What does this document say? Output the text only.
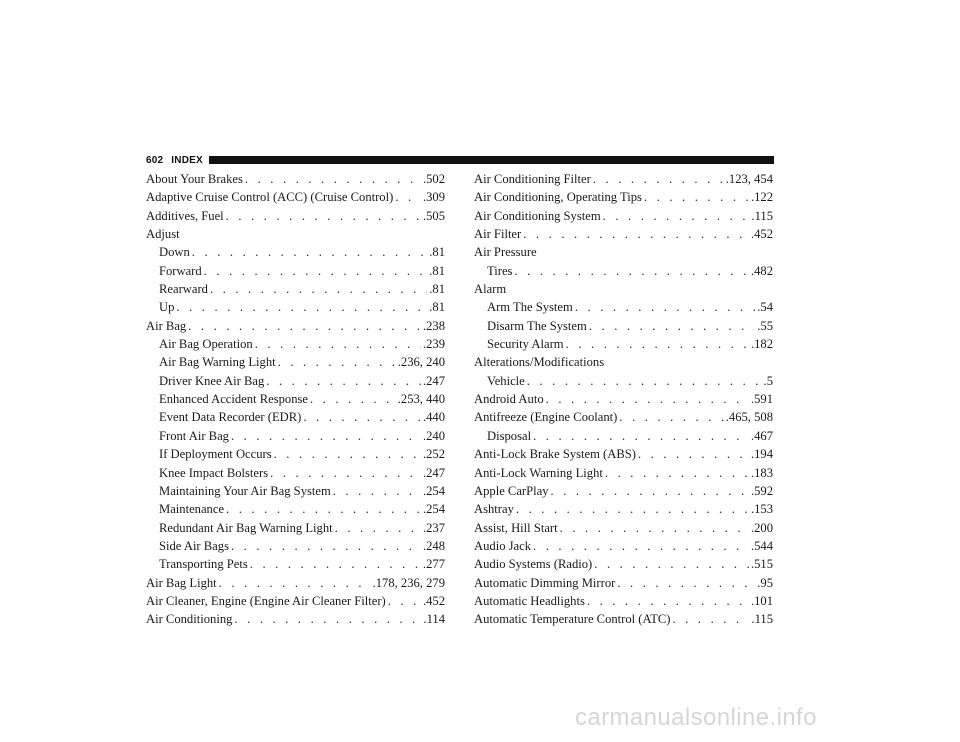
602 INDEX
About Your Brakes . . .	.502
Adaptive Cruise Control (ACC) (Cruise Control) . . . .309
Additives, Fuel . . .	.505
Adjust
Down . . .	.81
Forward . . .	.81
Rearward . . .	.81
Up . . .	.81
Air Bag . . .	.238
Air Bag Operation . . .	.239
Air Bag Warning Light . . .	.236, 240
Driver Knee Air Bag . . .	.247
Enhanced Accident Response . . .	.253, 440
Event Data Recorder (EDR) . . .	.440
Front Air Bag . . .	.240
If Deployment Occurs . . .	.252
Knee Impact Bolsters . . .	.247
Maintaining Your Air Bag System . . .	.254
Maintenance . . .	.254
Redundant Air Bag Warning Light . . .	.237
Side Air Bags . . .	.248
Transporting Pets . . .	.277
Air Bag Light . . .	.178, 236, 279
Air Cleaner, Engine (Engine Air Cleaner Filter) . . .	.452
Air Conditioning . . .	.114
Air Conditioning Filter . . .	.123, 454
Air Conditioning, Operating Tips . . .	.122
Air Conditioning System . . .	.115
Air Filter . . .	.452
Air Pressure
Tires . . .	.482
Alarm
Arm The System . . .	.54
Disarm The System . . .	.55
Security Alarm . . .	.182
Alterations/Modifications
Vehicle . . .	.5
Android Auto . . .	.591
Antifreeze (Engine Coolant) . . .	.465, 508
Disposal . . .	.467
Anti-Lock Brake System (ABS) . . .	.194
Anti-Lock Warning Light . . .	.183
Apple CarPlay . . .	.592
Ashtray . . .	.153
Assist, Hill Start . . .	.200
Audio Jack . . .	.544
Audio Systems (Radio) . . .	.515
Automatic Dimming Mirror . . .	.95
Automatic Headlights . . .	.101
Automatic Temperature Control (ATC) . . .	.115
carmanualsonline.info
